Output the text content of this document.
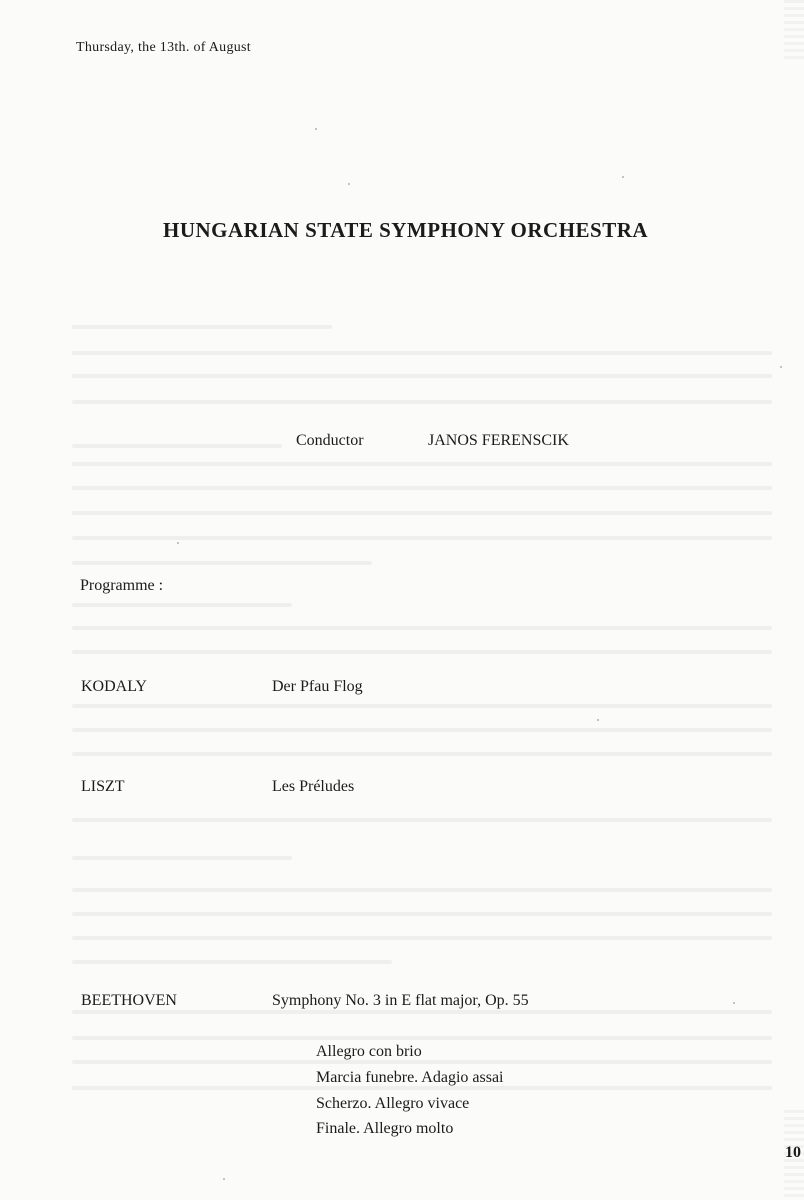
Thursday, the 13th. of August
HUNGARIAN STATE SYMPHONY ORCHESTRA
Conductor	JANOS FERENSCIK
Programme :
KODALY	Der Pfau Flog
LISZT	Les Préludes
BEETHOVEN	Symphony No. 3 in E flat major, Op. 55
Allegro con brio
Marcia funebre. Adagio assai
Scherzo. Allegro vivace
Finale. Allegro molto
10
